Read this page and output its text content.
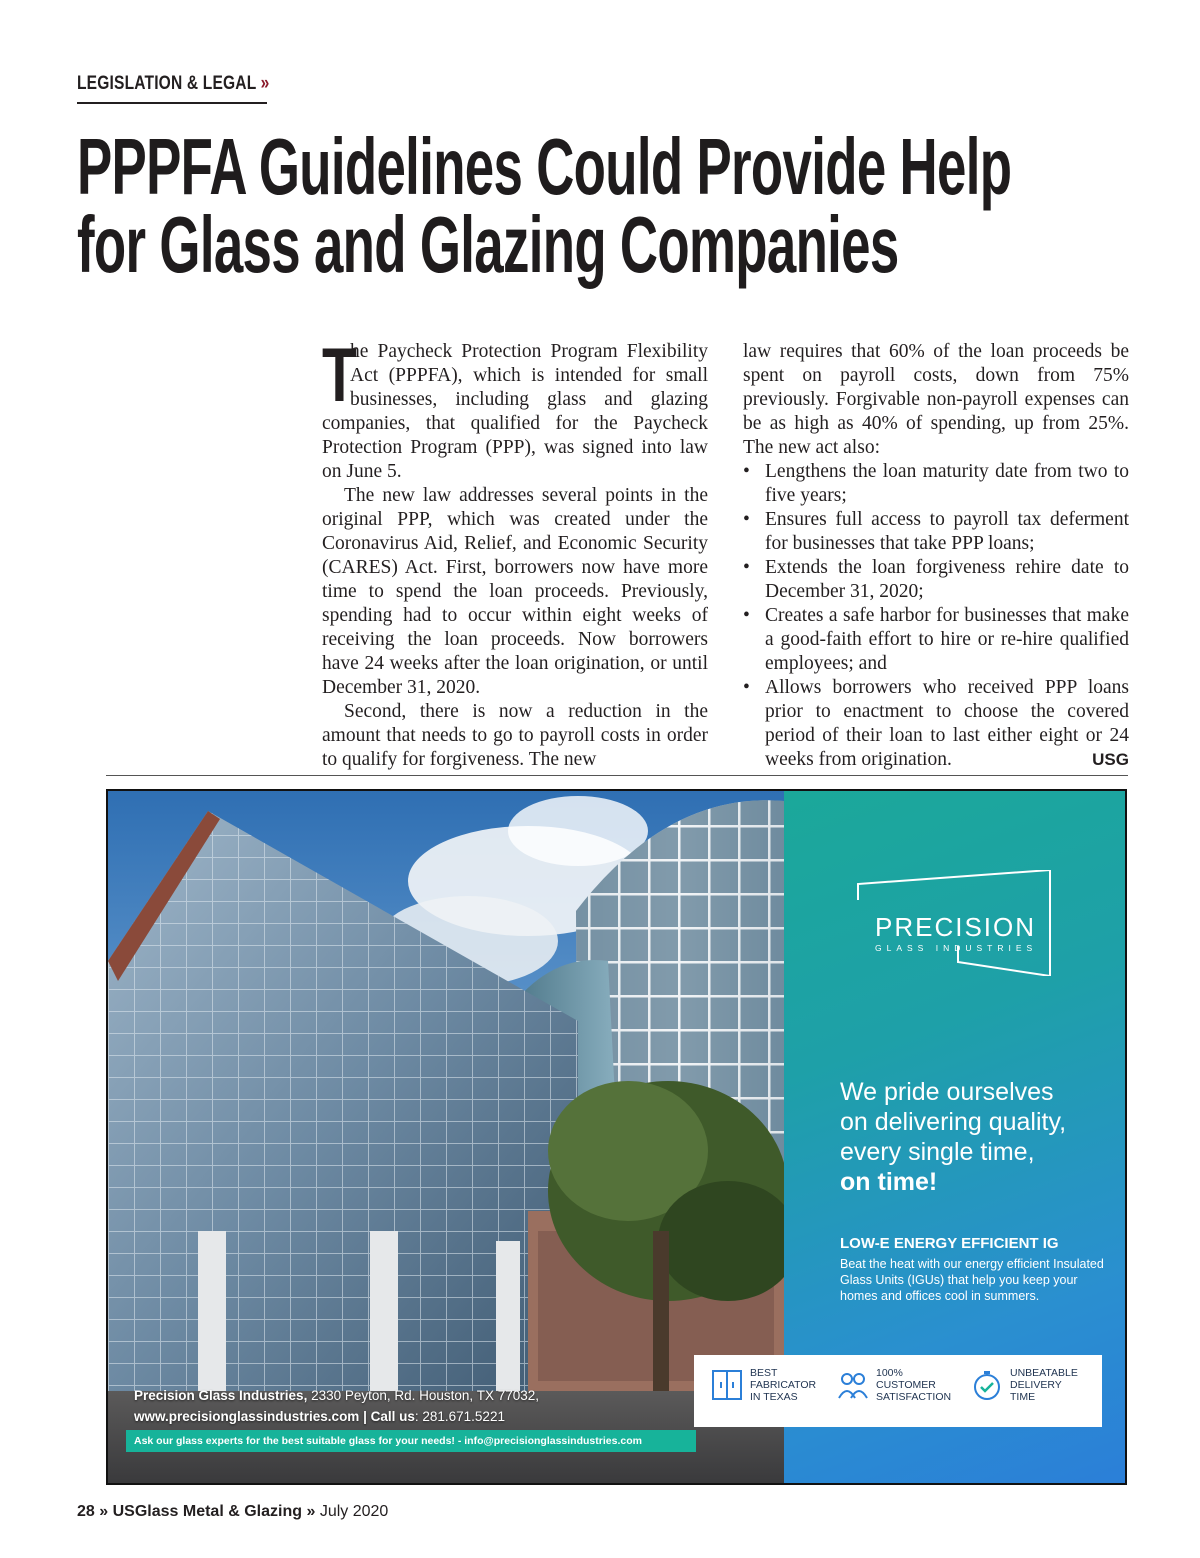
LEGISLATION & LEGAL »
PPPFA Guidelines Could Provide Help
for Glass and Glazing Companies

T
he Paycheck Protection Program Flexibility Act (PPPFA), which is intended for small businesses, including glass and glazing companies, that qualified for the Paycheck Protection Program (PPP), was signed into law on June 5.

The new law addresses several points in the original PPP, which was created under the Coronavirus Aid, Relief, and Economic Security (CARES) Act. First, borrowers now have more time to spend the loan proceeds. Previously, spending had to occur within eight weeks of receiving the loan proceeds. Now borrowers have 24 weeks after the loan origination, or until December 31, 2020.

Second, there is now a reduction in the amount that needs to go to payroll costs in order to qualify for forgiveness. The new

law requires that 60% of the loan proceeds be spent on payroll costs, down from 75% previously. Forgivable non-payroll expenses can be as high as 40% of spending, up from 25%. The new act also:

• Lengthens the loan maturity date from two to five years;
• Ensures full access to payroll tax deferment for businesses that take PPP loans;
• Extends the loan forgiveness rehire date to December 31, 2020;
• Creates a safe harbor for businesses that make a good-faith effort to hire or re-hire qualified employees; and
• Allows borrowers who received PPP loans prior to enactment to choose the covered period of their loan to last either eight or 24 weeks from origination.	USG
PRECISION
GLASS INDUSTRIES
We pride ourselves
on delivering quality,
every single time,
on time!
LOW-E ENERGY EFFICIENT IG
Beat the heat with our energy efficient Insulated Glass Units (IGUs) that help you keep your homes and offices cool in summers.
BEST
FABRICATOR
IN TEXAS
100%
CUSTOMER
SATISFACTION
UNBEATABLE
DELIVERY
TIME
Precision Glass Industries, 2330 Peyton, Rd. Houston, TX 77032,
www.precisionglassindustries.com | Call us: 281.671.5221
Ask our glass experts for the best suitable glass for your needs! - info@precisionglassindustries.com
28 » USGlass Metal & Glazing » July 2020
